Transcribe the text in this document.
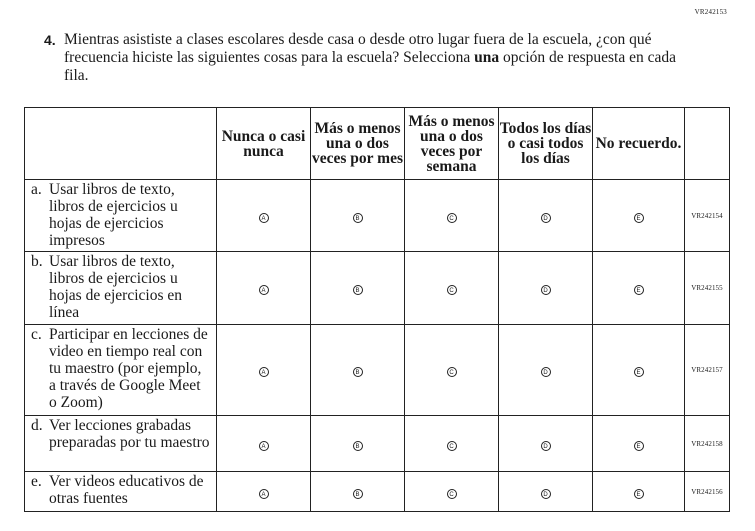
VR242153
4. Mientras asististe a clases escolares desde casa o desde otro lugar fuera de la escuela, ¿con qué frecuencia hiciste las siguientes cosas para la escuela? Selecciona una opción de respuesta en cada fila.
	Nunca o casi nunca	Más o menos una o dos veces por mes	Más o menos una o dos veces por semana	Todos los días o casi todos los días	No recuerdo.	

a. Usar libros de texto, libros de ejercicios u hojas de ejercicios impresos	A	B	C	D	E	VR242154

b. Usar libros de texto, libros de ejercicios u hojas de ejercicios en línea	A	B	C	D	E	VR242155

c. Participar en lecciones de video en tiempo real con tu maestro (por ejemplo, a través de Google Meet o Zoom)	A	B	C	D	E	VR242157

d. Ver lecciones grabadas preparadas por tu maestro	A	B	C	D	E	VR242158

e. Ver videos educativos de otras fuentes	A	B	C	D	E	VR242156
